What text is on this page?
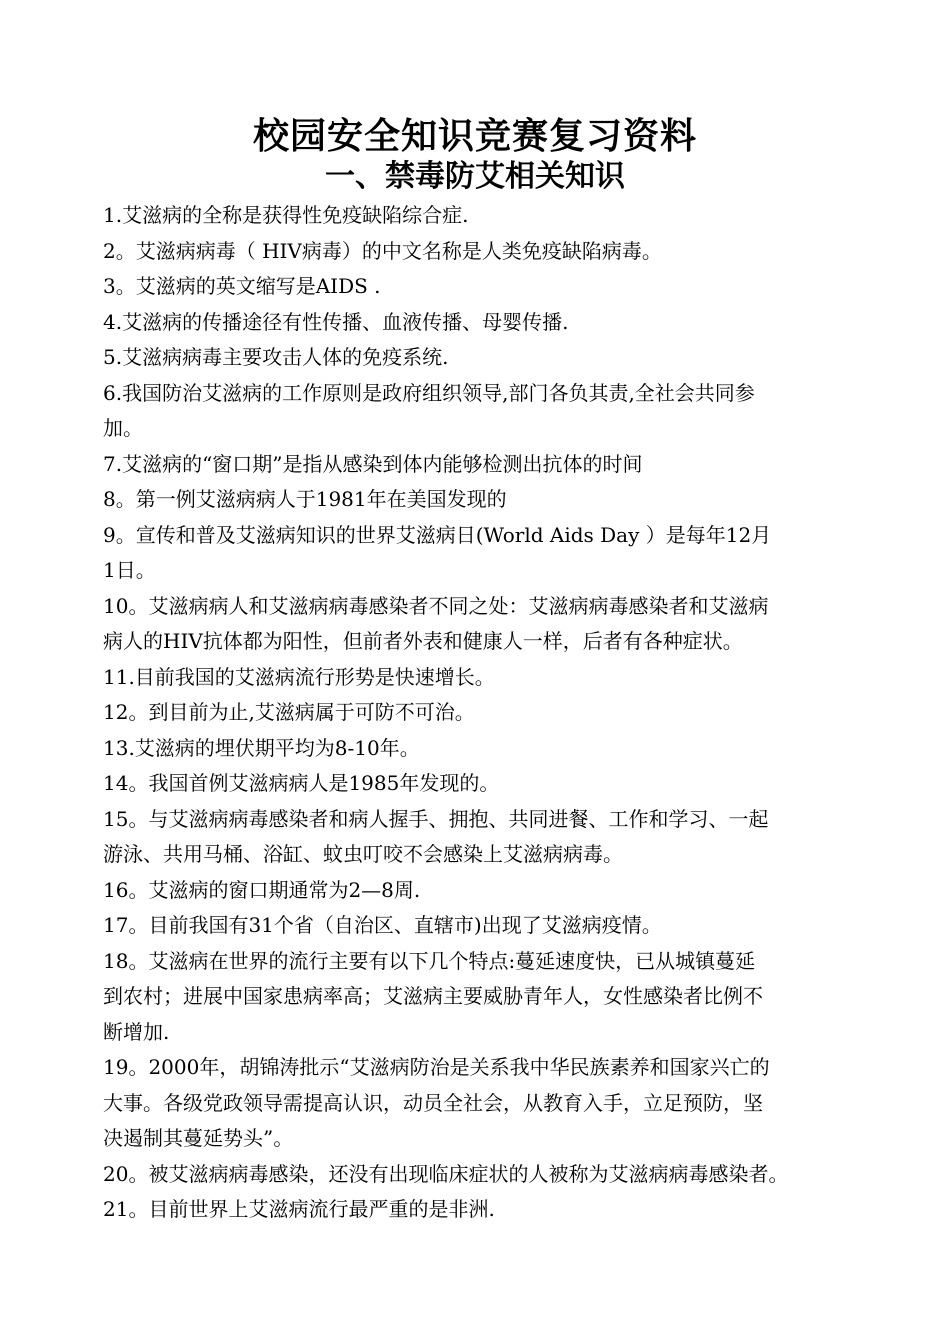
校园安全知识竞赛复习资料
一、禁毒防艾相关知识
1.艾滋病的全称是获得性免疫缺陷综合症.
2。艾滋病病毒（ HIV病毒）的中文名称是人类免疫缺陷病毒。
3。艾滋病的英文缩写是AIDS .
4.艾滋病的传播途径有性传播、血液传播、母婴传播.
5.艾滋病病毒主要攻击人体的免疫系统.
6.我国防治艾滋病的工作原则是政府组织领导,部门各负其责,全社会共同参
加。
7.艾滋病的“窗口期”是指从感染到体内能够检测出抗体的时间
8。第一例艾滋病病人于1981年在美国发现的
9。宣传和普及艾滋病知识的世界艾滋病日(World Aids Day ）是每年12月
1日。
10。艾滋病病人和艾滋病病毒感染者不同之处：艾滋病病毒感染者和艾滋病
病人的HIV抗体都为阳性，但前者外表和健康人一样，后者有各种症状。
11.目前我国的艾滋病流行形势是快速增长。
12。到目前为止,艾滋病属于可防不可治。
13.艾滋病的埋伏期平均为8-10年。
14。我国首例艾滋病病人是1985年发现的。
15。与艾滋病病毒感染者和病人握手、拥抱、共同进餐、工作和学习、一起
游泳、共用马桶、浴缸、蚊虫叮咬不会感染上艾滋病病毒。
16。艾滋病的窗口期通常为2—8周.
17。目前我国有31个省（自治区、直辖市)出现了艾滋病疫情。
18。艾滋病在世界的流行主要有以下几个特点:蔓延速度快，已从城镇蔓延
到农村；进展中国家患病率高；艾滋病主要威胁青年人，女性感染者比例不
断增加.
19。2000年，胡锦涛批示“艾滋病防治是关系我中华民族素养和国家兴亡的
大事。各级党政领导需提高认识，动员全社会，从教育入手，立足预防，坚
决遏制其蔓延势头”。
20。被艾滋病病毒感染，还没有出现临床症状的人被称为艾滋病病毒感染者。
21。目前世界上艾滋病流行最严重的是非洲.
